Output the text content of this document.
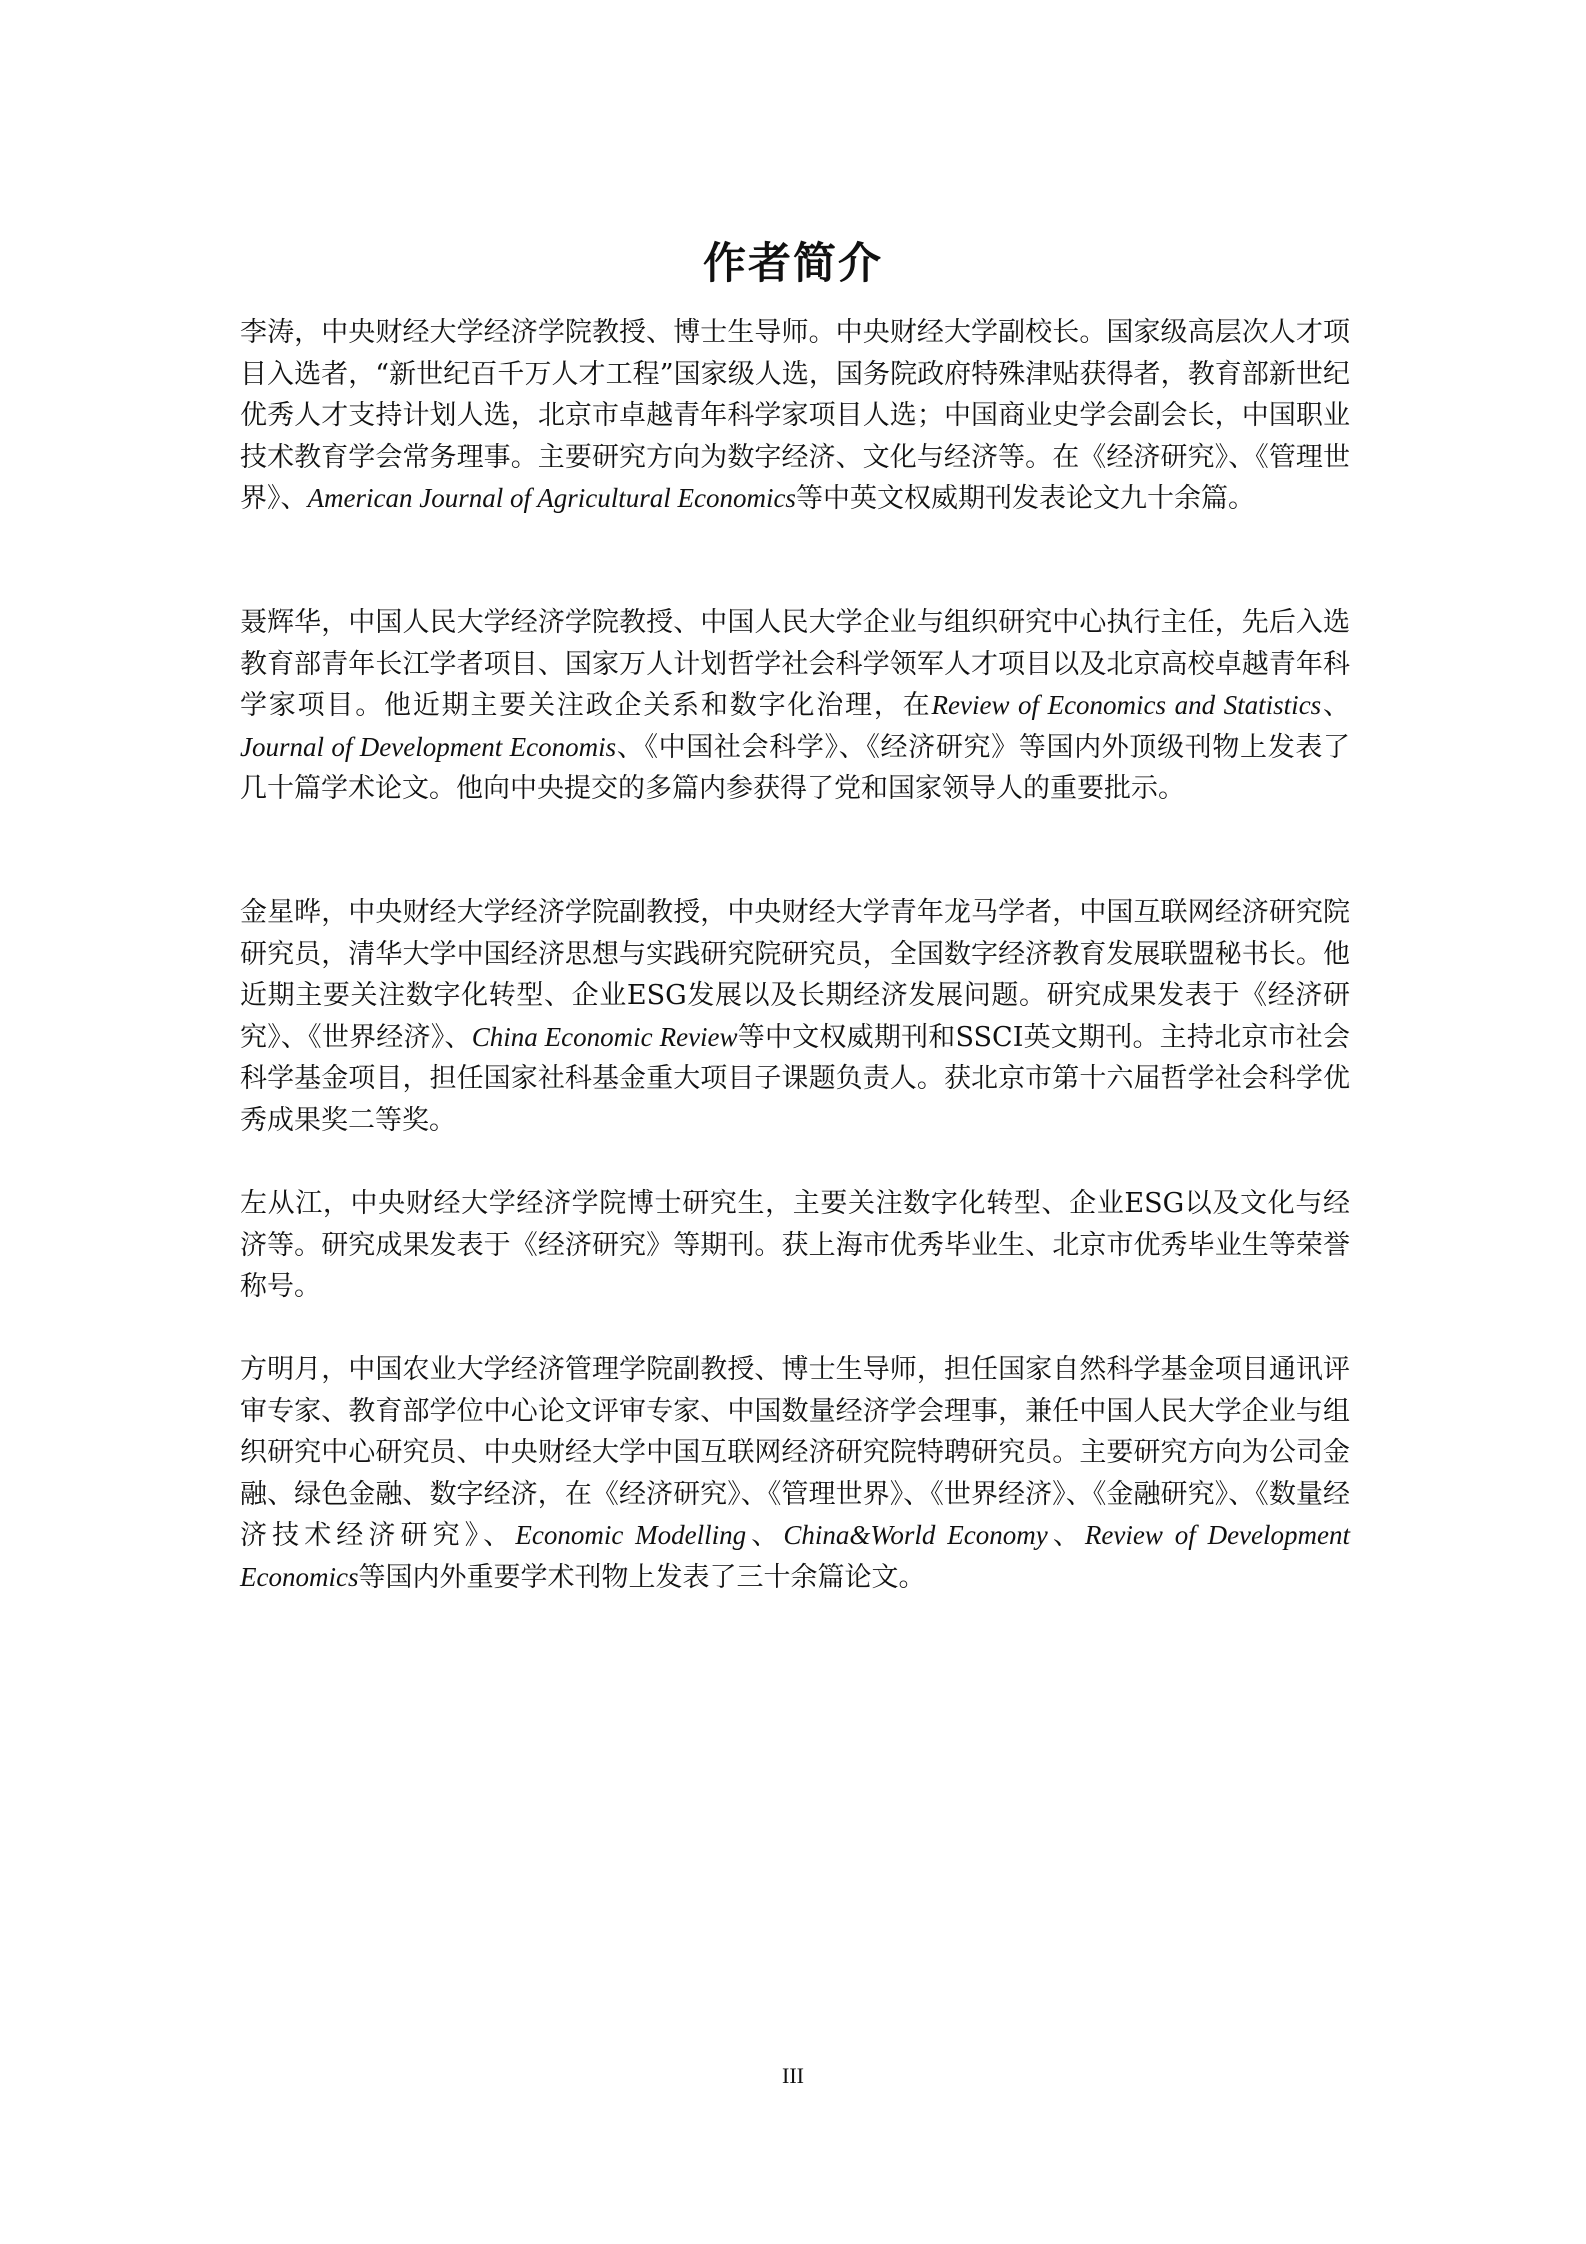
作者简介

李涛，中央财经大学经济学院教授、博士生导师。中央财经大学副校长。国家级高层次人才项目入选者，“新世纪百千万人才工程”国家级人选，国务院政府特殊津贴获得者，教育部新世纪优秀人才支持计划人选，北京市卓越青年科学家项目人选；中国商业史学会副会长，中国职业技术教育学会常务理事。主要研究方向为数字经济、文化与经济等。在《经济研究》、《管理世界》、American Journal of Agricultural Economics等中英文权威期刊发表论文九十余篇。

聂辉华，中国人民大学经济学院教授、中国人民大学企业与组织研究中心执行主任，先后入选教育部青年长江学者项目、国家万人计划哲学社会科学领军人才项目以及北京高校卓越青年科学家项目。他近期主要关注政企关系和数字化治理，在Review of Economics and Statistics、Journal of Development Economis、《中国社会科学》、《经济研究》等国内外顶级刊物上发表了几十篇学术论文。他向中央提交的多篇内参获得了党和国家领导人的重要批示。

金星晔，中央财经大学经济学院副教授，中央财经大学青年龙马学者，中国互联网经济研究院研究员，清华大学中国经济思想与实践研究院研究员，全国数字经济教育发展联盟秘书长。他近期主要关注数字化转型、企业ESG发展以及长期经济发展问题。研究成果发表于《经济研究》、《世界经济》、China Economic Review等中文权威期刊和SSCI英文期刊。主持北京市社会科学基金项目，担任国家社科基金重大项目子课题负责人。获北京市第十六届哲学社会科学优秀成果奖二等奖。

左从江，中央财经大学经济学院博士研究生，主要关注数字化转型、企业ESG以及文化与经济等。研究成果发表于《经济研究》等期刊。获上海市优秀毕业生、北京市优秀毕业生等荣誉称号。

方明月，中国农业大学经济管理学院副教授、博士生导师，担任国家自然科学基金项目通讯评审专家、教育部学位中心论文评审专家、中国数量经济学会理事，兼任中国人民大学企业与组织研究中心研究员、中央财经大学中国互联网经济研究院特聘研究员。主要研究方向为公司金融、绿色金融、数字经济，在《经济研究》、《管理世界》、《世界经济》、《金融研究》、《数量经济技术经济研究》、Economic Modelling、China&World Economy、Review of Development Economics等国内外重要学术刊物上发表了三十余篇论文。

III
